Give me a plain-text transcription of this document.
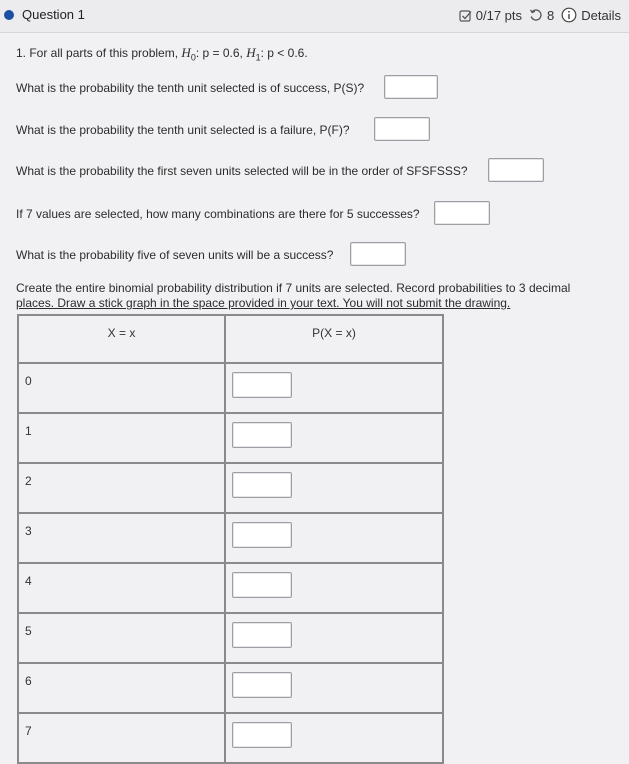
Question 1	0/17 pts 8 Details
1. For all parts of this problem, $H_0$: p = 0.6, $H_1$: p < 0.6.
What is the probability the tenth unit selected is of success, P(S)?
What is the probability the tenth unit selected is a failure, P(F)?
What is the probability the first seven units selected will be in the order of SFSFSSS?
If 7 values are selected, how many combinations are there for 5 successes?
What is the probability five of seven units will be a success?
Create the entire binomial probability distribution if 7 units are selected. Record probabilities to 3 decimal
places. Draw a stick graph in the space provided in your text. You will not submit the drawing.
X = x	P(X = x)
0	

1	

2	

3	

4	

5	

6	

7	
